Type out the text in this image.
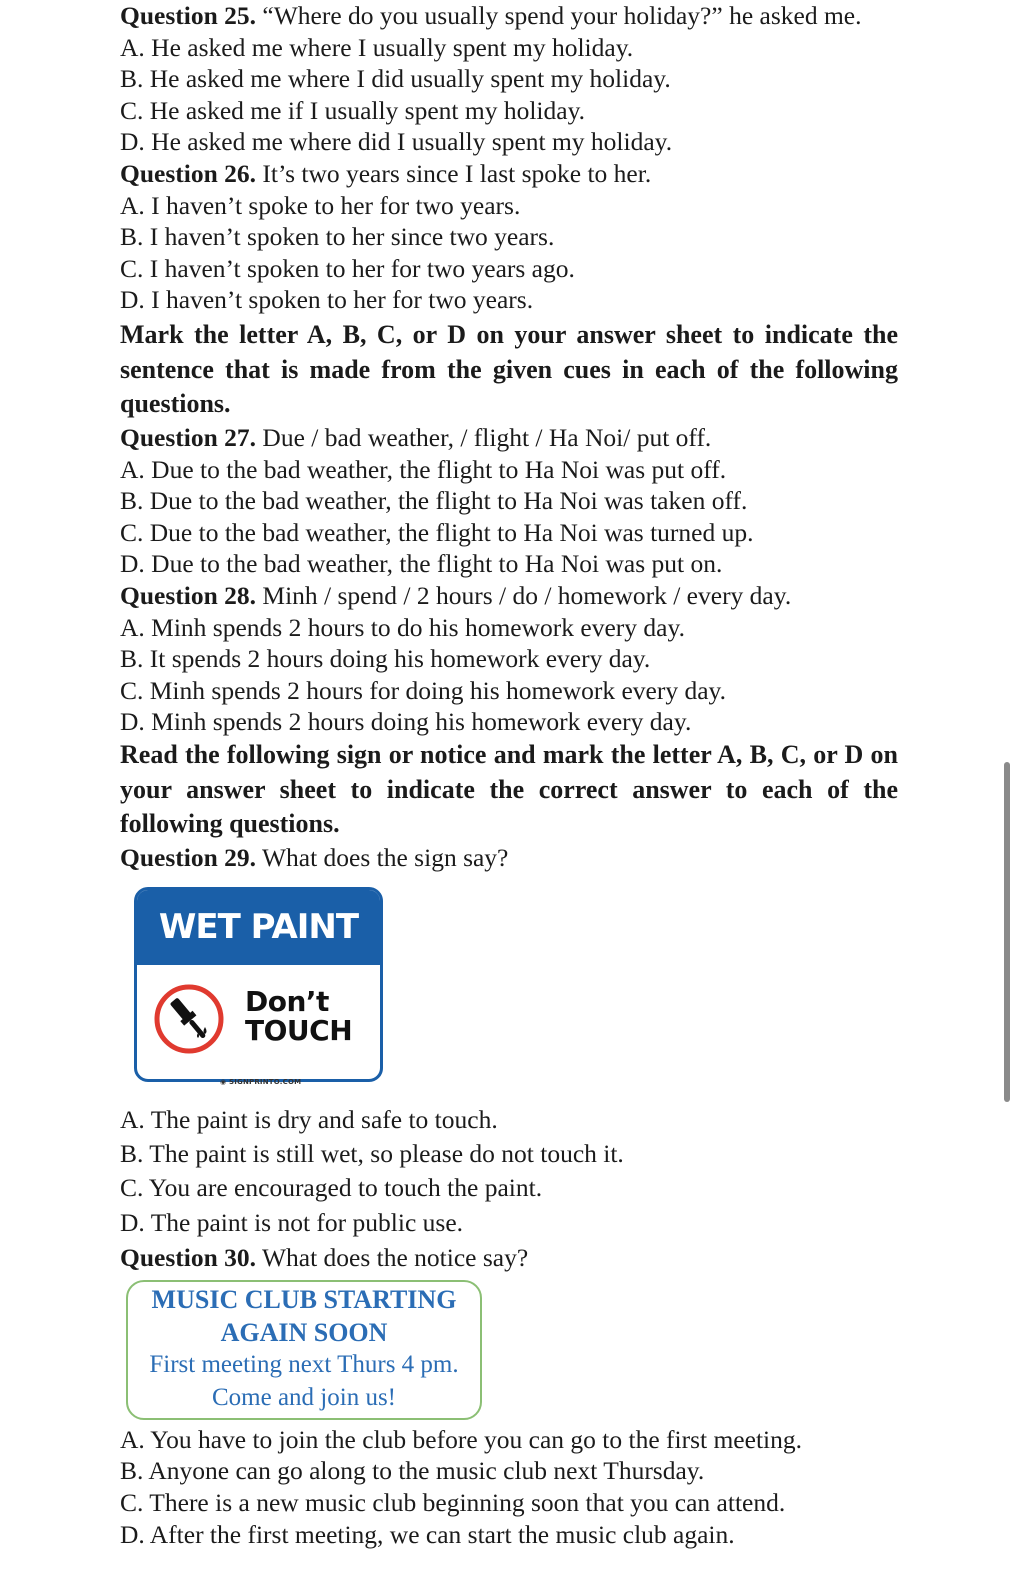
Question 25. “Where do you usually spend your holiday?” he asked me.

A. He asked me where I usually spent my holiday.

B. He asked me where I did usually spent my holiday.

C. He asked me if I usually spent my holiday.

D. He asked me where did I usually spent my holiday.

Question 26. It’s two years since I last spoke to her.

A. I haven’t spoke to her for two years.

B. I haven’t spoken to her since two years.

C. I haven’t spoken to her for two years ago.

D. I haven’t spoken to her for two years.

Mark the letter A, B, C, or D on your answer sheet to indicate the sentence that is made from the given cues in each of the following questions.

Question 27. Due / bad weather, / flight / Ha Noi/ put off.

A. Due to the bad weather, the flight to Ha Noi was put off.

B. Due to the bad weather, the flight to Ha Noi was taken off.

C. Due to the bad weather, the flight to Ha Noi was turned up.

D. Due to the bad weather, the flight to Ha Noi was put on.

Question 28. Minh / spend / 2 hours / do / homework / every day.

A. Minh spends 2 hours to do his homework every day.

B. It spends 2 hours doing his homework every day.

C. Minh spends 2 hours for doing his homework every day.

D. Minh spends 2 hours doing his homework every day.

Read the following sign or notice and mark the letter A, B, C, or D on your answer sheet to indicate the correct answer to each of the following questions.

Question 29. What does the sign say?

WET PAINT
Don’t
TOUCH
◉ SIGNPRINTO.COM

A. The paint is dry and safe to touch.

B. The paint is still wet, so please do not touch it.

C. You are encouraged to touch the paint.

D. The paint is not for public use.

Question 30. What does the notice say?

MUSIC CLUB STARTING
AGAIN SOON
First meeting next Thurs 4 pm.
Come and join us!

A. You have to join the club before you can go to the first meeting.

B. Anyone can go along to the music club next Thursday.

C. There is a new music club beginning soon that you can attend.

D. After the first meeting, we can start the music club again.
